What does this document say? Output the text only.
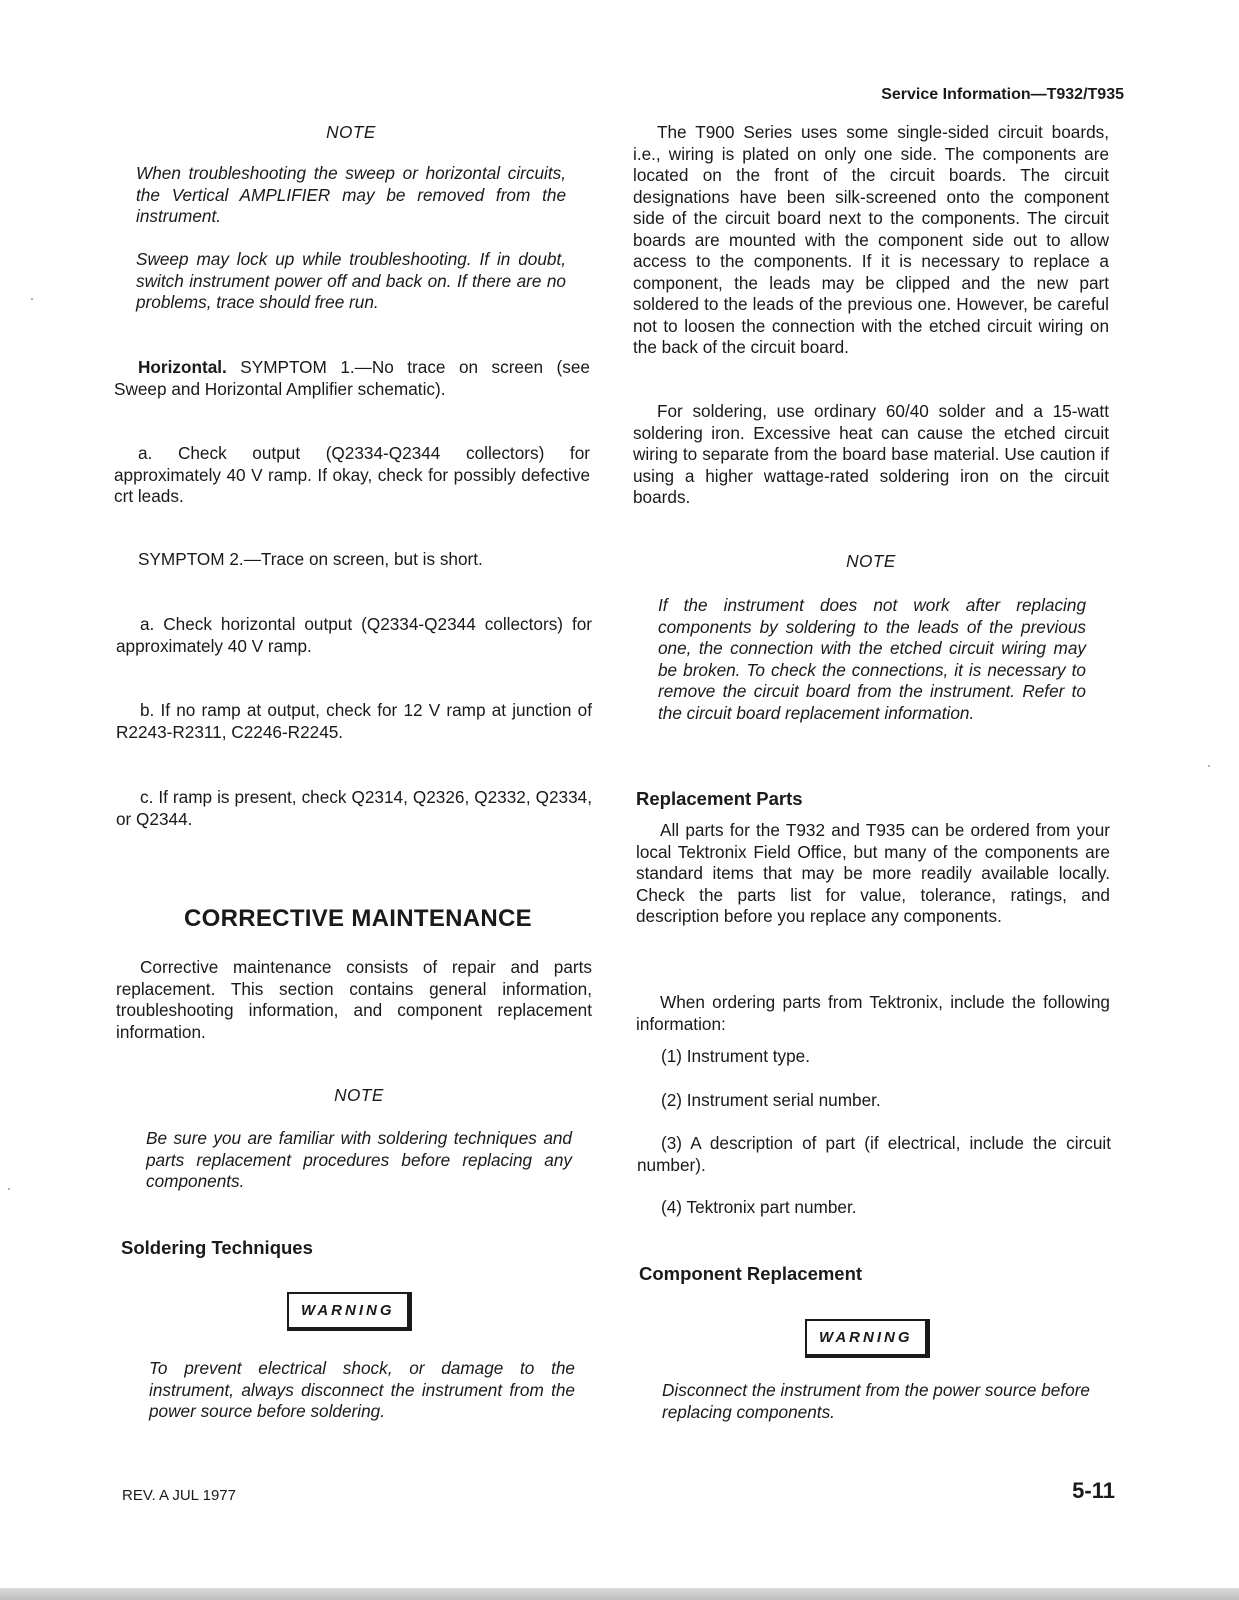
Service Information—T932/T935
NOTE

When troubleshooting the sweep or horizontal circuits, the Vertical AMPLIFIER may be removed from the instrument.

Sweep may lock up while troubleshooting. If in doubt, switch instrument power off and back on. If there are no problems, trace should free run.

Horizontal. SYMPTOM 1.—No trace on screen (see Sweep and Horizontal Amplifier schematic).

a. Check output (Q2334-Q2344 collectors) for approximately 40 V ramp. If okay, check for possibly defective crt leads.

SYMPTOM 2.—Trace on screen, but is short.

a. Check horizontal output (Q2334-Q2344 collectors) for approximately 40 V ramp.

b. If no ramp at output, check for 12 V ramp at junction of R2243-R2311, C2246-R2245.

c. If ramp is present, check Q2314, Q2326, Q2332, Q2334, or Q2344.

CORRECTIVE MAINTENANCE

Corrective maintenance consists of repair and parts replacement. This section contains general information, troubleshooting information, and component replacement information.

NOTE

Be sure you are familiar with soldering techniques and parts replacement procedures before replacing any components.

Soldering Techniques
WARNING

To prevent electrical shock, or damage to the instrument, always disconnect the instrument from the power source before soldering.

The T900 Series uses some single-sided circuit boards, i.e., wiring is plated on only one side. The components are located on the front of the circuit boards. The circuit designations have been silk-screened onto the component side of the circuit board next to the components. The circuit boards are mounted with the component side out to allow access to the components. If it is necessary to replace a component, the leads may be clipped and the new part soldered to the leads of the previous one. However, be careful not to loosen the connection with the etched circuit wiring on the back of the circuit board.

For soldering, use ordinary 60/40 solder and a 15-watt soldering iron. Excessive heat can cause the etched circuit wiring to separate from the board base material. Use caution if using a higher wattage-rated soldering iron on the circuit boards.

NOTE

If the instrument does not work after replacing components by soldering to the leads of the previous one, the connection with the etched circuit wiring may be broken. To check the connections, it is necessary to remove the circuit board from the instrument. Refer to the circuit board replacement information.

Replacement Parts

All parts for the T932 and T935 can be ordered from your local Tektronix Field Office, but many of the components are standard items that may be more readily available locally. Check the parts list for value, tolerance, ratings, and description before you replace any components.

When ordering parts from Tektronix, include the following information:

(1) Instrument type.

(2) Instrument serial number.

(3) A description of part (if electrical, include the circuit number).

(4) Tektronix part number.

Component Replacement
WARNING

Disconnect the instrument from the power source before replacing components.

REV. A JUL 1977	5-11
